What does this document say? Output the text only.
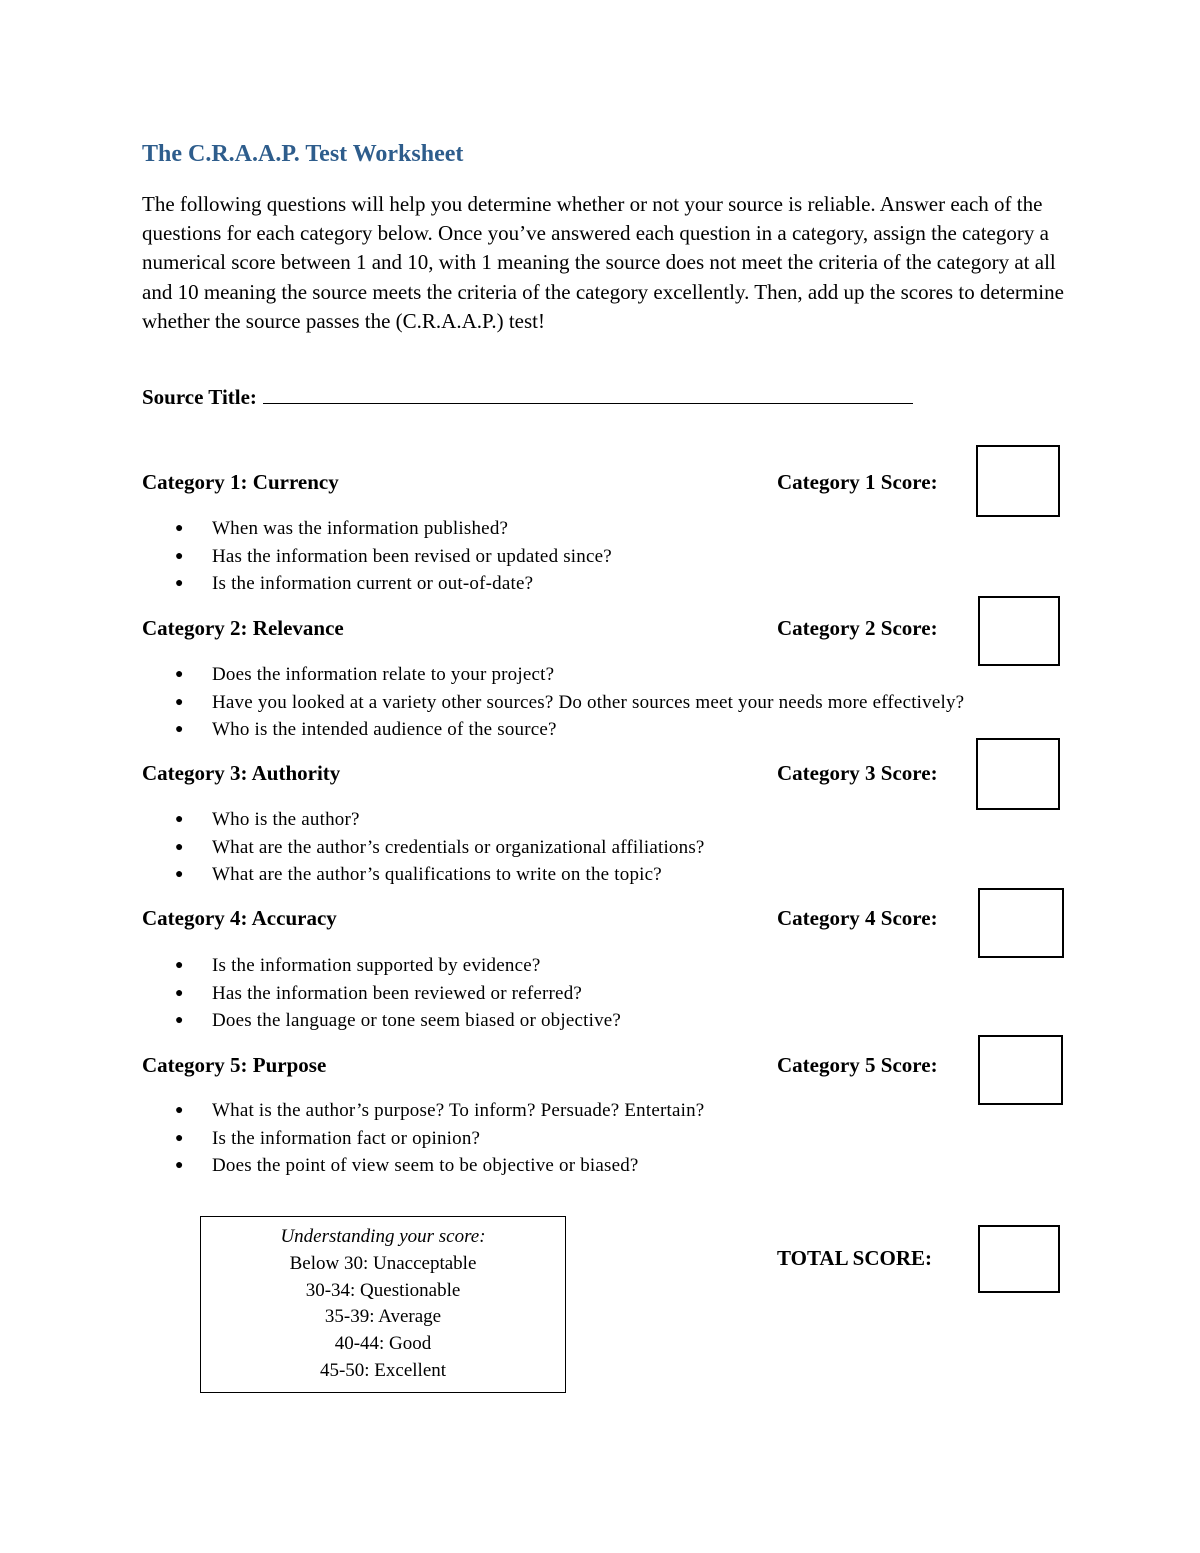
The C.R.A.A.P. Test Worksheet

The following questions will help you determine whether or not your source is reliable. Answer each of the questions for each category below. Once you’ve answered each question in a category, assign the category a numerical score between 1 and 10, with 1 meaning the source does not meet the criteria of the category at all and 10 meaning the source meets the criteria of the category excellently. Then, add up the scores to determine whether the source passes the (C.R.A.A.P.) test!

Source Title:
Category 1: Currency	Category 1 Score:
● When was the information published?
● Has the information been revised or updated since?
● Is the information current or out-of-date?
Category 2: Relevance	Category 2 Score:
● Does the information relate to your project?
● Have you looked at a variety other sources? Do other sources meet your needs more effectively?
● Who is the intended audience of the source?
Category 3: Authority	Category 3 Score:
● Who is the author?
● What are the author’s credentials or organizational affiliations?
● What are the author’s qualifications to write on the topic?
Category 4: Accuracy	Category 4 Score:
● Is the information supported by evidence?
● Has the information been reviewed or referred?
● Does the language or tone seem biased or objective?
Category 5: Purpose	Category 5 Score:
● What is the author’s purpose? To inform? Persuade? Entertain?
● Is the information fact or opinion?
● Does the point of view seem to be objective or biased?
Understanding your score:
Below 30: Unacceptable
30-34: Questionable
35-39: Average
40-44: Good
45-50: Excellent
TOTAL SCORE:
